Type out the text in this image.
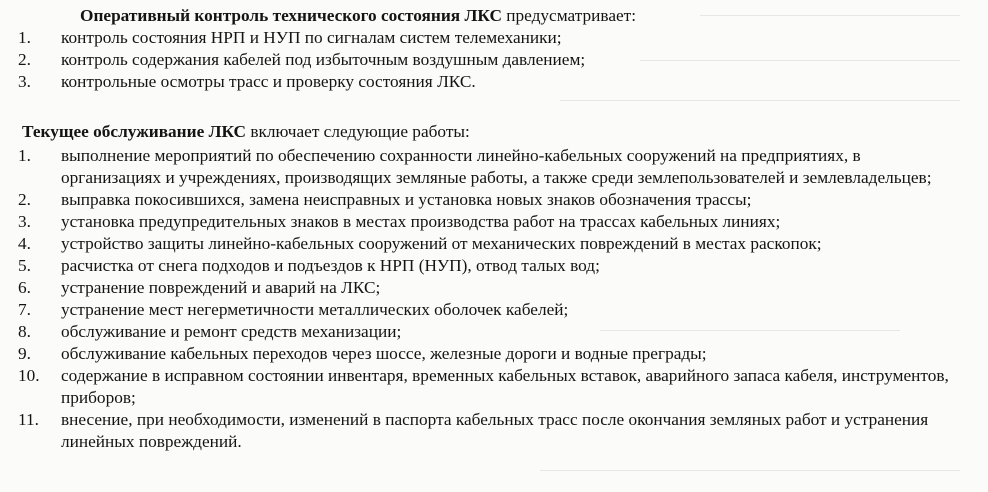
Оперативный контроль технического состояния ЛКС предусматривает:
1. контроль состояния НРП и НУП по сигналам систем телемеханики;
2. контроль содержания кабелей под избыточным воздушным давлением;
3. контрольные осмотры трасс и проверку состояния ЛКС.
Текущее обслуживание ЛКС включает следующие работы:
1. выполнение мероприятий по обеспечению сохранности линейно-кабельных сооружений на предприятиях, в организациях и учреждениях, производящих земляные работы, а также среди землепользователей и землевладельцев;
2. выправка покосившихся, замена неисправных и установка новых знаков обозначения трассы;
3. установка предупредительных знаков в местах производства работ на трассах кабельных линиях;
4. устройство защиты линейно-кабельных сооружений от механических повреждений в местах раскопок;
5. расчистка от снега подходов и подъездов к НРП (НУП), отвод талых вод;
6. устранение повреждений и аварий на ЛКС;
7. устранение мест негерметичности металлических оболочек кабелей;
8. обслуживание и ремонт средств механизации;
9. обслуживание кабельных переходов через шоссе, железные дороги и водные преграды;
10. содержание в исправном состоянии инвентаря, временных кабельных вставок, аварийного запаса кабеля, инструментов, приборов;
11. внесение, при необходимости, изменений в паспорта кабельных трасс после окончания земляных работ и устранения линейных повреждений.
